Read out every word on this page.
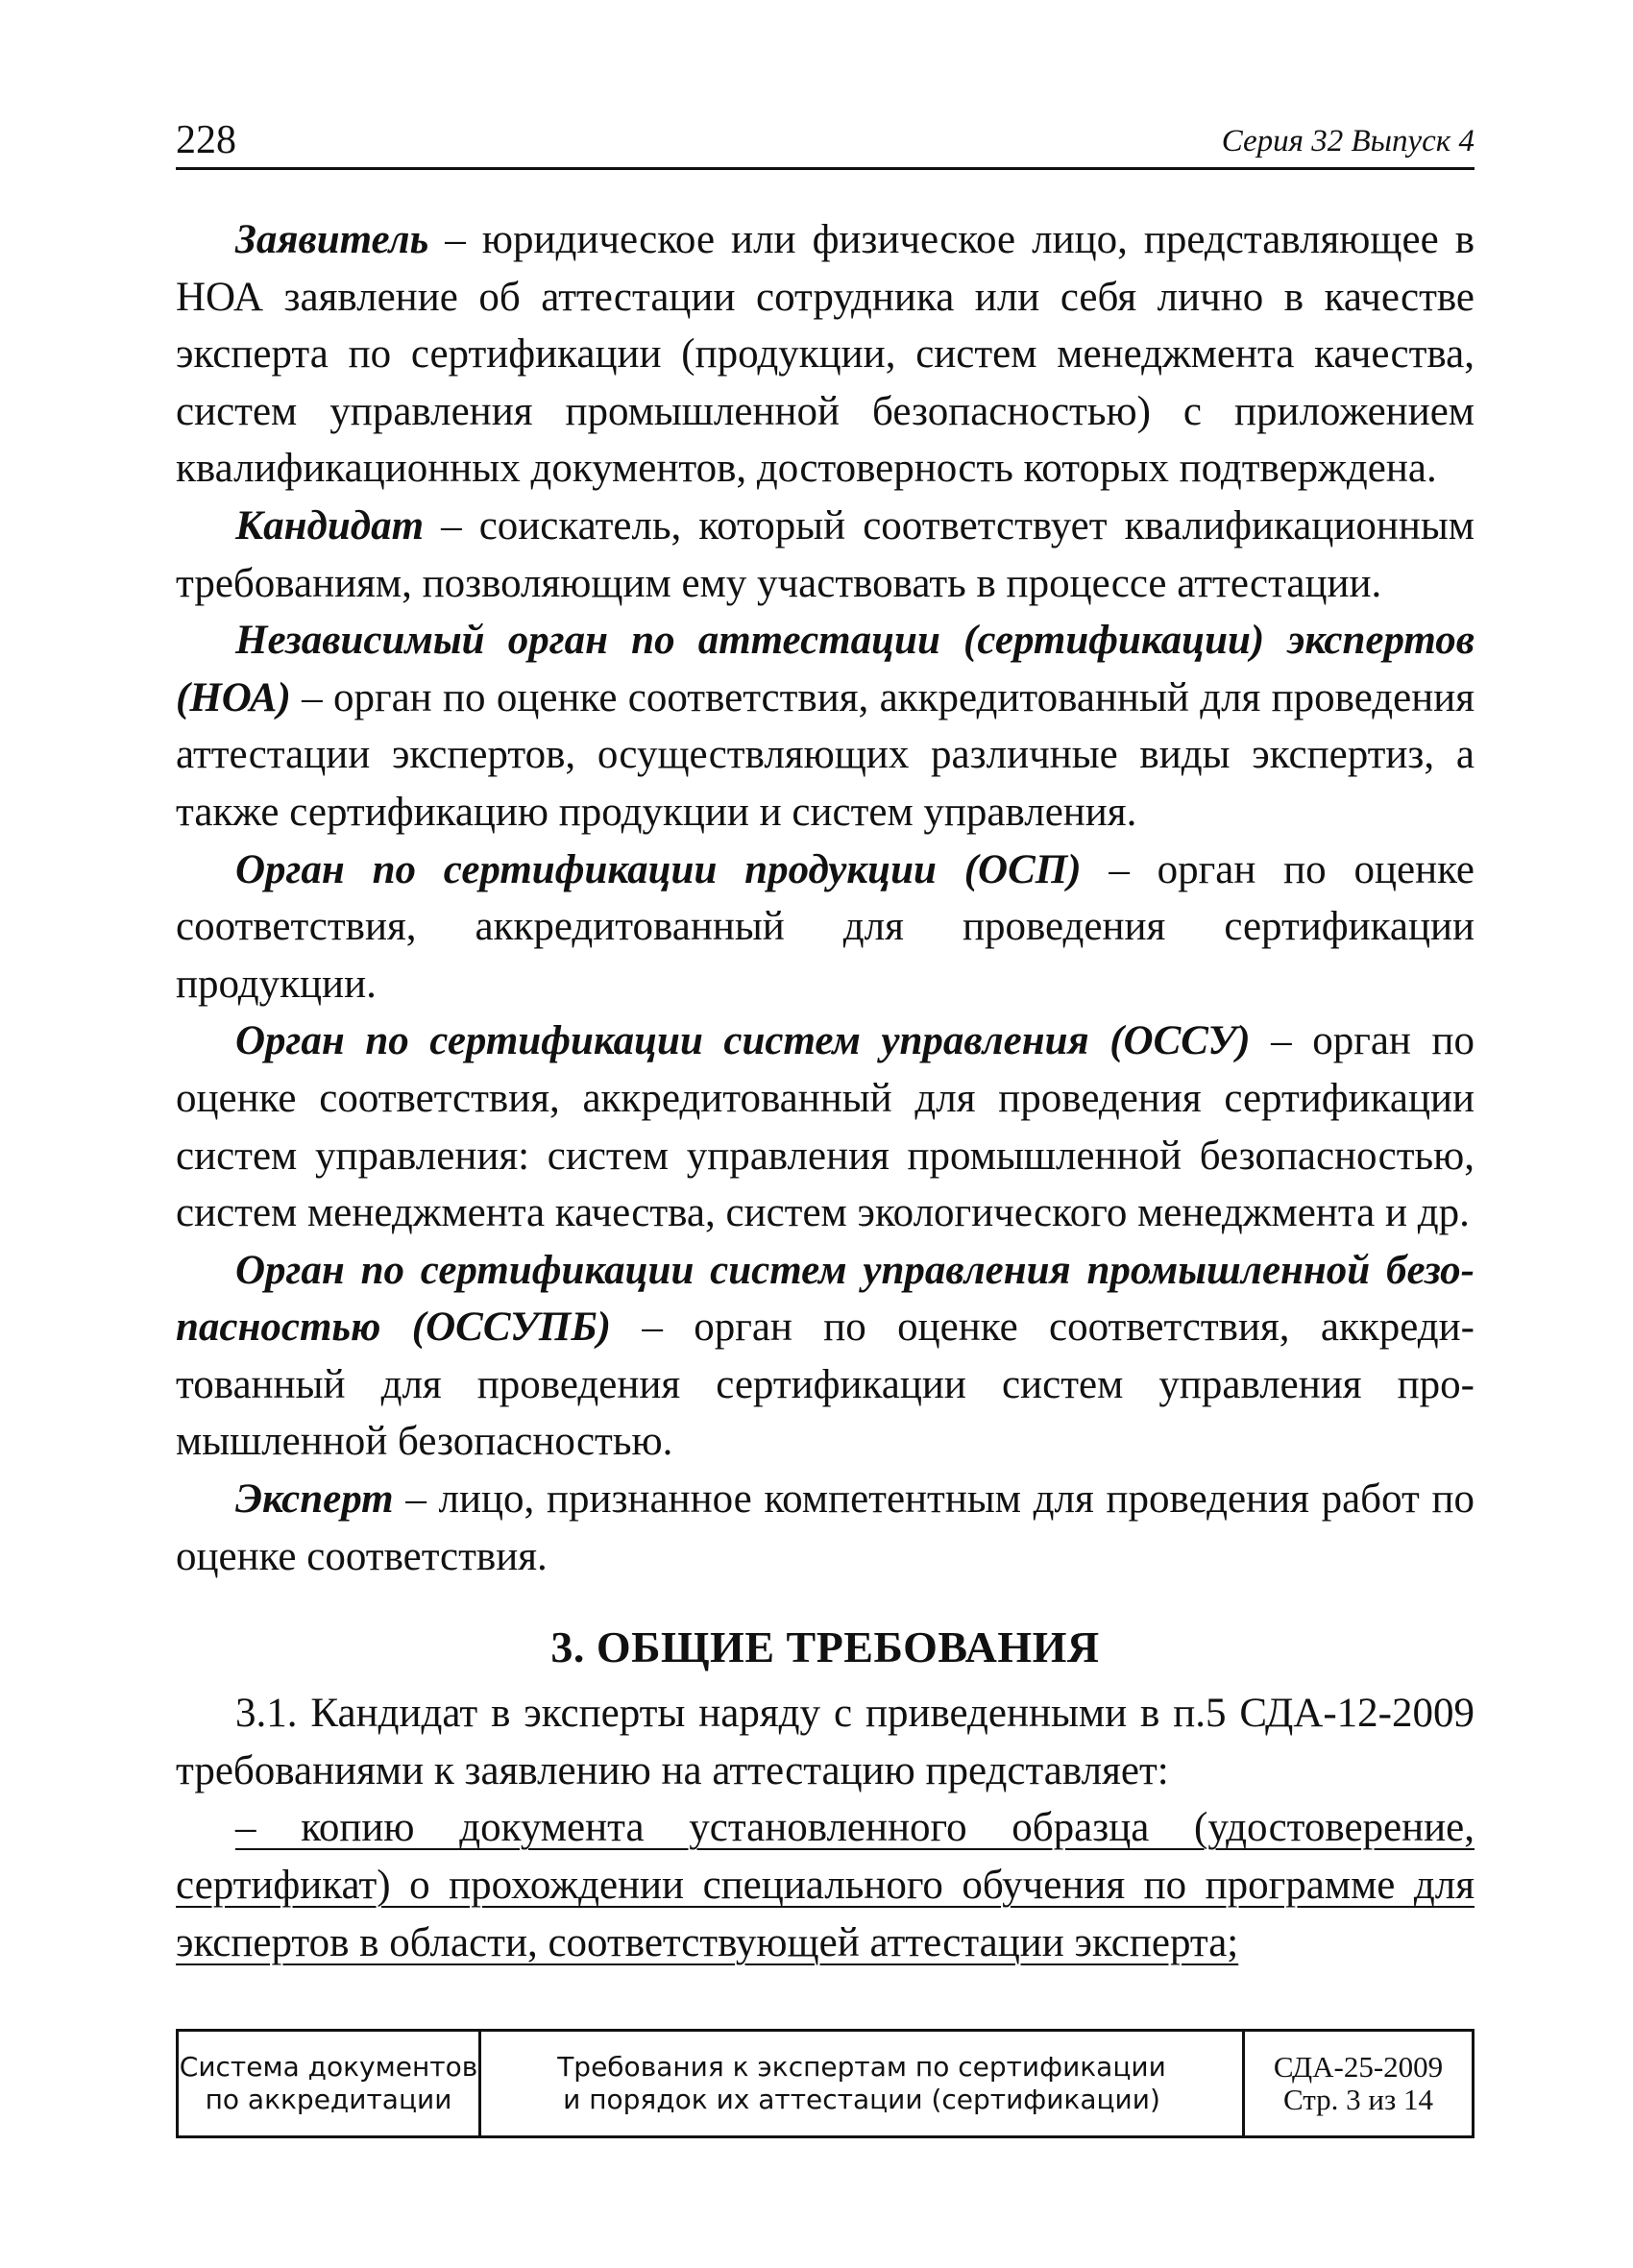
228	Серия 32 Выпуск 4

Заявитель – юридическое или физическое лицо, представляющее в НОА заявление об аттестации сотрудника или себя лично в качестве эксперта по сертификации (продукции, систем менеджмента качества, систем управления промышленной безопасностью) с приложением квалификационных документов, достоверность которых подтверждена.

Кандидат – соискатель, который соответствует квалификационным требованиям, позволяющим ему участвовать в процессе аттестации.

Независимый орган по аттестации (сертификации) экспертов (НОА) – орган по оценке соответствия, аккредитованный для проведения аттестации экспертов, осуществляющих различные виды экспертиз, а также сертификацию продукции и систем управления.

Орган по сертификации продукции (ОСП) – орган по оценке соответствия, аккредитованный для проведения сертификации продукции.

Орган по сертификации систем управления (ОССУ) – орган по оценке соответствия, аккредитованный для проведения сертификации систем управления: систем управления промышленной безопасностью, систем менеджмента качества, систем экологического менеджмента и др.

Орган по сертификации систем управления промышленной безопасностью (ОССУПБ) – орган по оценке соответствия, аккредитованный для проведения сертификации систем управления промышленной безопасностью.

Эксперт – лицо, признанное компетентным для проведения работ по оценке соответствия.

3. ОБЩИЕ ТРЕБОВАНИЯ

3.1. Кандидат в эксперты наряду с приведенными в п.5 СДА-12-2009 требованиями к заявлению на аттестацию представляет:

– копию документа установленного образца (удостоверение, сертификат) о прохождении специального обучения по программе для экспертов в области, соответствующей аттестации эксперта;

Система документов
по аккредитации
Требования к экспертам по сертификации
и порядок их аттестации (сертификации)
СДА-25-2009
Стр. 3 из 14
